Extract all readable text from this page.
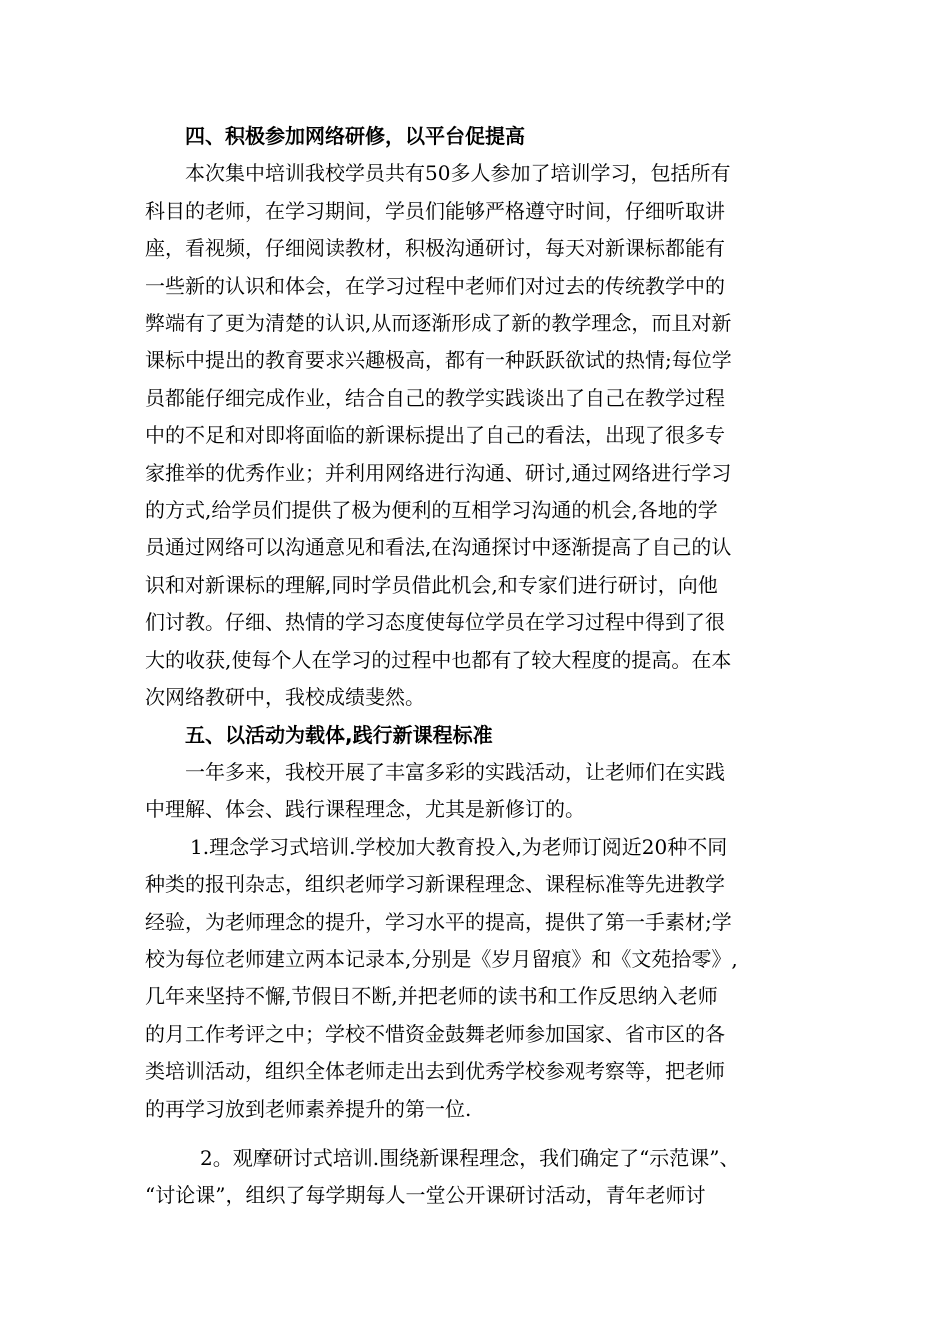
四、积极参加网络研修，以平台促提高
本次集中培训我校学员共有50多人参加了培训学习，包括所有
科目的老师，在学习期间，学员们能够严格遵守时间，仔细听取讲
座，看视频，仔细阅读教材，积极沟通研讨，每天对新课标都能有
一些新的认识和体会，在学习过程中老师们对过去的传统教学中的
弊端有了更为清楚的认识,从而逐渐形成了新的教学理念，而且对新
课标中提出的教育要求兴趣极高，都有一种跃跃欲试的热情;每位学
员都能仔细完成作业，结合自己的教学实践谈出了自己在教学过程
中的不足和对即将面临的新课标提出了自己的看法，出现了很多专
家推举的优秀作业；并利用网络进行沟通、研讨,通过网络进行学习
的方式,给学员们提供了极为便利的互相学习沟通的机会,各地的学
员通过网络可以沟通意见和看法,在沟通探讨中逐渐提高了自己的认
识和对新课标的理解,同时学员借此机会,和专家们进行研讨，向他
们讨教。仔细、热情的学习态度使每位学员在学习过程中得到了很
大的收获,使每个人在学习的过程中也都有了较大程度的提高。在本
次网络教研中，我校成绩斐然。
五、以活动为载体,践行新课程标准
一年多来，我校开展了丰富多彩的实践活动，让老师们在实践
中理解、体会、践行课程理念，尤其是新修订的。
1.理念学习式培训.学校加大教育投入,为老师订阅近20种不同
种类的报刊杂志，组织老师学习新课程理念、课程标准等先进教学
经验，为老师理念的提升，学习水平的提高，提供了第一手素材;学
校为每位老师建立两本记录本,分别是《岁月留痕》和《文苑拾零》,
几年来坚持不懈,节假日不断,并把老师的读书和工作反思纳入老师
的月工作考评之中；学校不惜资金鼓舞老师参加国家、省市区的各
类培训活动，组织全体老师走出去到优秀学校参观考察等，把老师
的再学习放到老师素养提升的第一位.
2。观摩研讨式培训.围绕新课程理念，我们确定了“示范课”、
“讨论课”，组织了每学期每人一堂公开课研讨活动，青年老师讨
